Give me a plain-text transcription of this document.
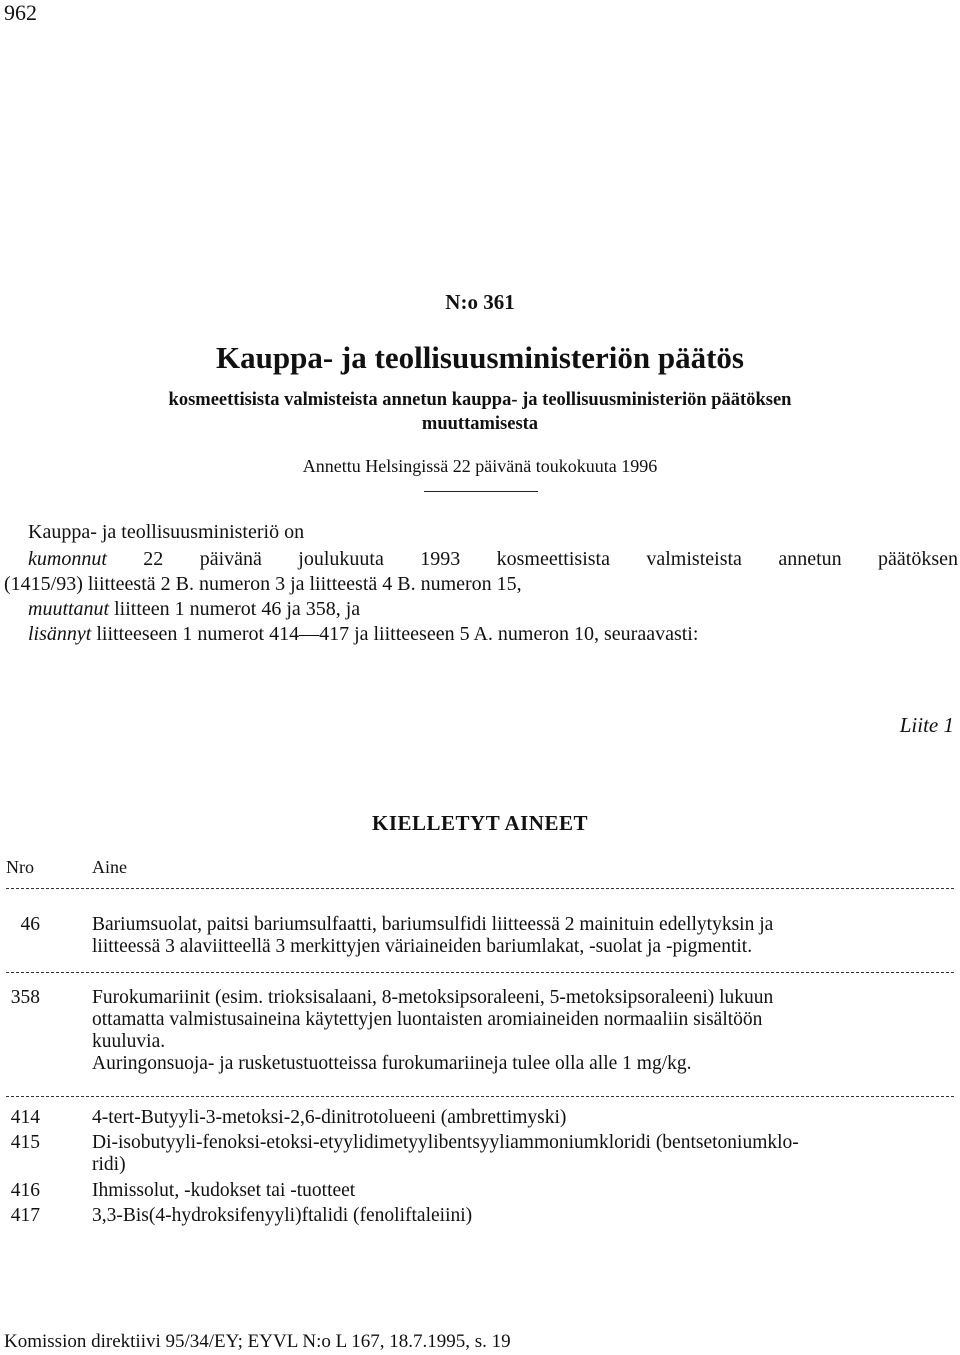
962
N:o 361
Kauppa- ja teollisuusministeriön päätös
kosmeettisista valmisteista annetun kauppa- ja teollisuusministeriön päätöksen
muuttamisesta
Annettu Helsingissä 22 päivänä toukokuuta 1996
Kauppa- ja teollisuusministeriö on
kumonnut 22 päivänä joulukuuta 1993 kosmeettisista valmisteista annetun päätöksen
(1415/93) liitteestä 2 B. numeron 3 ja liitteestä 4 B. numeron 15,
muuttanut liitteen 1 numerot 46 ja 358, ja
lisännyt liitteeseen 1 numerot 414—417 ja liitteeseen 5 A. numeron 10, seuraavasti:
Liite 1
KIELLETYT AINEET
Nro	Aine
46	Bariumsuolat, paitsi bariumsulfaatti, bariumsulfidi liitteessä 2 mainituin edellytyksin ja
liitteessä 3 alaviitteellä 3 merkittyjen väriaineiden bariumlakat, -suolat ja -pigmentit.
358	Furokumariinit (esim. trioksisalaani, 8-metoksipsoraleeni, 5-metoksipsoraleeni) lukuun
ottamatta valmistusaineina käytettyjen luontaisten aromiaineiden normaaliin sisältöön
kuuluvia.
Auringonsuoja- ja rusketustuotteissa furokumariineja tulee olla alle 1 mg/kg.
414	4-tert-Butyyli-3-metoksi-2,6-dinitrotolueeni (ambrettimyski)
415	Di-isobutyyli-fenoksi-etoksi-etyylidimetyylibentsyyliammoniumkloridi (bentsetoniumklo-
ridi)
416	Ihmissolut, -kudokset tai -tuotteet
417	3,3-Bis(4-hydroksifenyyli)ftalidi (fenoliftaleiini)
Komission direktiivi 95/34/EY; EYVL N:o L 167, 18.7.1995, s. 19
